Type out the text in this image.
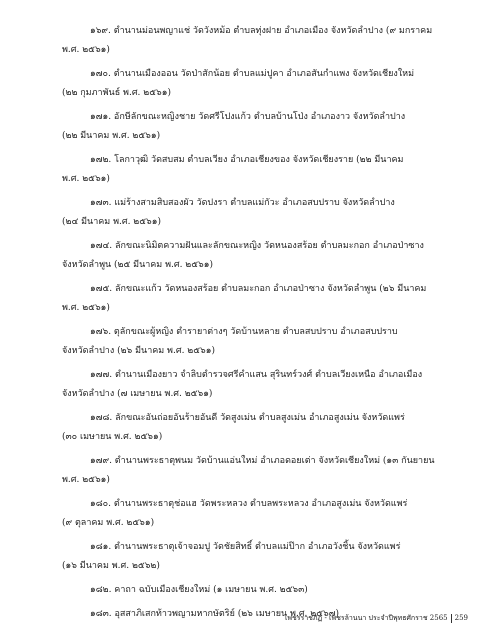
๑๖๙. ตำนานม่อนพญาแช่ วัดวังหม้อ ตำบลทุ่งฝาย อำเภอเมือง จังหวัดลำปาง (๙ มกราคม
พ.ศ. ๒๕๖๑)
๑๗๐. ตำนานเมืองออน วัดป่าสักน้อย ตำบลแม่ปูคา อำเภอสันกำแพง จังหวัดเชียงใหม่
(๒๒ กุมภาพันธ์ พ.ศ. ๒๕๖๑)
๑๗๑. อักษีลักขณะหญิงชาย วัดศรีโปงแก้ว ตำบลบ้านโป่ง อำเภองาว จังหวัดลำปาง
(๒๒ มีนาคม พ.ศ. ๒๕๖๑)
๑๗๒. โลกาวุฒิ วัดสบสม ตำบลเวียง อำเภอเชียงของ จังหวัดเชียงราย (๒๒ มีนาคม
พ.ศ. ๒๕๖๑)
๑๗๓. แม่ร้างสามสิบสองผัว วัดปงรา ตำบลแม่กัวะ อำเภอสบปราบ จังหวัดลำปาง
(๒๔ มีนาคม พ.ศ. ๒๕๖๑)
๑๗๔. ลักขณะนิมิตความฝันและลักขณะหญิง วัดหนองสร้อย ตำบลมะกอก อำเภอป่าซาง
จังหวัดลำพูน (๒๕ มีนาคม พ.ศ. ๒๕๖๑)
๑๗๕. ลักขณะแก้ว วัดหนองสร้อย ตำบลมะกอก อำเภอป่าซาง จังหวัดลำพูน (๒๖ มีนาคม
พ.ศ. ๒๕๖๑)
๑๗๖. ตุลักขณะผู้หญิง ตำรายาต่างๆ วัดบ้านหลาย ตำบลสบปราบ อำเภอสบปราบ
จังหวัดลำปาง (๒๖ มีนาคม พ.ศ. ๒๕๖๑)
๑๗๗. ตำนานเมืองยาว จำลิบตำรวจศรีคำแสน สุรินทร์วงศ์ ตำบลเวียงเหนือ อำเภอเมือง
จังหวัดลำปาง (๗ เมษายน พ.ศ. ๒๕๖๑)
๑๗๘. ลักขณะอันถ่อยอันร้ายอันดี วัดสูงเม่น ตำบลสูงเม่น อำเภอสูงเม่น จังหวัดแพร่
(๓๐ เมษายน พ.ศ. ๒๕๖๑)
๑๗๙. ตำนานพระธาตุพนม วัดบ้านแอ่นใหม่ อำเภอดอยเต่า จังหวัดเชียงใหม่ (๑๓ กันยายน
พ.ศ. ๒๕๖๑)
๑๘๐. ตำนานพระธาตุช่อแฮ วัดพระหลวง ตำบลพระหลวง อำเภอสูงเม่น จังหวัดแพร่
(๙ ตุลาคม พ.ศ. ๒๕๖๑)
๑๘๑. ตำนานพระธาตุเจ้าจอมปู วัดชัยสิทธิ์ ตำบลแม่ป๊าก อำเภอวังชิ้น จังหวัดแพร่
(๑๖ มีนาคม พ.ศ. ๒๕๖๒)
๑๘๒. คาถา ฉบับเมืองเชียงใหม่ (๑ เมษายน พ.ศ. ๒๕๖๓)
๑๘๓. อุสสาภิเสกท้าวพญามหากษัตริย์ (๒๖ เมษายน พ.ศ. ๒๕๖๗)
เพชรราชภัฏ - เพชรล้านนา ประจำปีพุทธศักราช 2565 259
